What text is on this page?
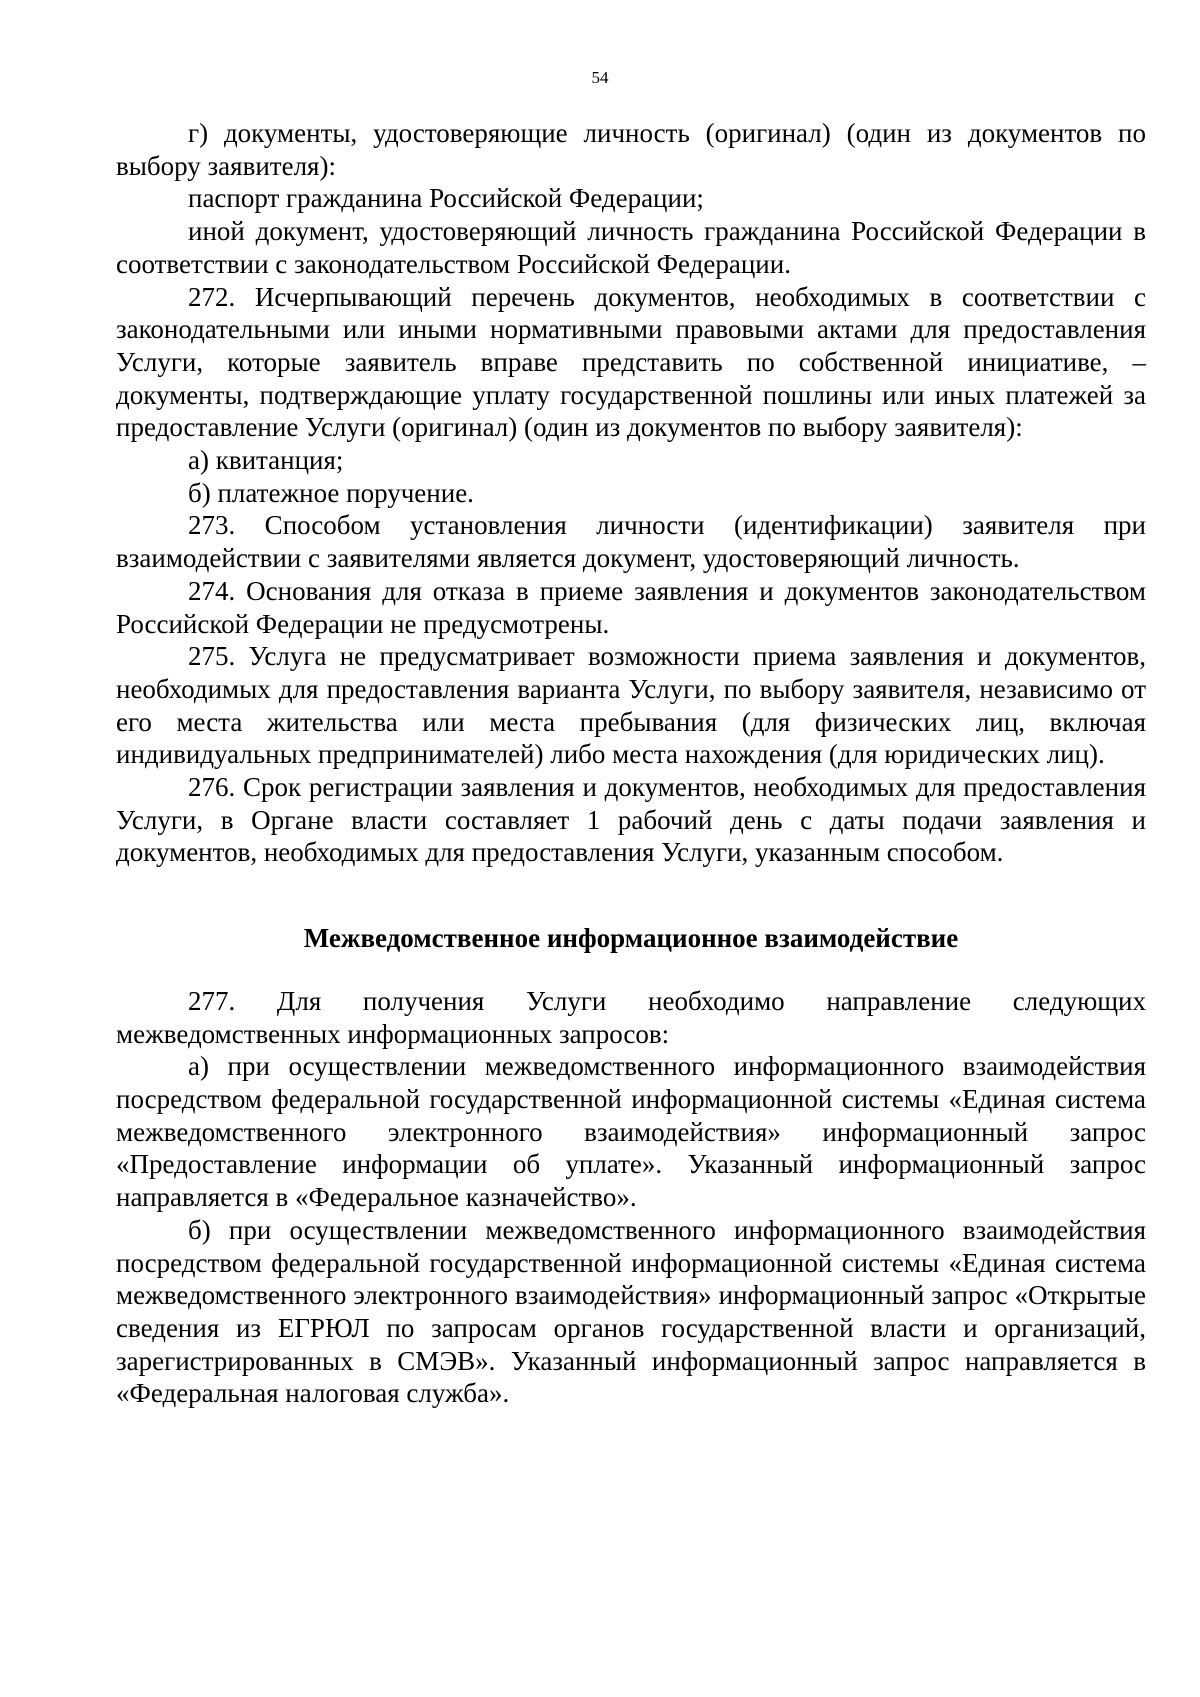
54

г) документы, удостоверяющие личность (оригинал) (один из документов по выбору заявителя):

паспорт гражданина Российской Федерации;

иной документ, удостоверяющий личность гражданина Российской Федерации в соответствии с законодательством Российской Федерации.

272. Исчерпывающий перечень документов, необходимых в соответствии с законодательными или иными нормативными правовыми актами для предоставления Услуги, которые заявитель вправе представить по собственной инициативе, – документы, подтверждающие уплату государственной пошлины или иных платежей за предоставление Услуги (оригинал) (один из документов по выбору заявителя):

а) квитанция;

б) платежное поручение.

273. Способом установления личности (идентификации) заявителя при взаимодействии с заявителями является документ, удостоверяющий личность.

274. Основания для отказа в приеме заявления и документов законодательством Российской Федерации не предусмотрены.

275. Услуга не предусматривает возможности приема заявления и документов, необходимых для предоставления варианта Услуги, по выбору заявителя, независимо от его места жительства или места пребывания (для физических лиц, включая индивидуальных предпринимателей) либо места нахождения (для юридических лиц).

276. Срок регистрации заявления и документов, необходимых для предоставления Услуги, в Органе власти составляет 1 рабочий день с даты подачи заявления и документов, необходимых для предоставления Услуги, указанным способом.

Межведомственное информационное взаимодействие

277. Для получения Услуги необходимо направление следующих межведомственных информационных запросов:

а) при осуществлении межведомственного информационного взаимодействия посредством федеральной государственной информационной системы «Единая система межведомственного электронного взаимодействия» информационный запрос «Предоставление информации об уплате». Указанный информационный запрос направляется в «Федеральное казначейство».

б) при осуществлении межведомственного информационного взаимодействия посредством федеральной государственной информационной системы «Единая система межведомственного электронного взаимодействия» информационный запрос «Открытые сведения из ЕГРЮЛ по запросам органов государственной власти и организаций, зарегистрированных в СМЭВ». Указанный информационный запрос направляется в «Федеральная налоговая служба».
